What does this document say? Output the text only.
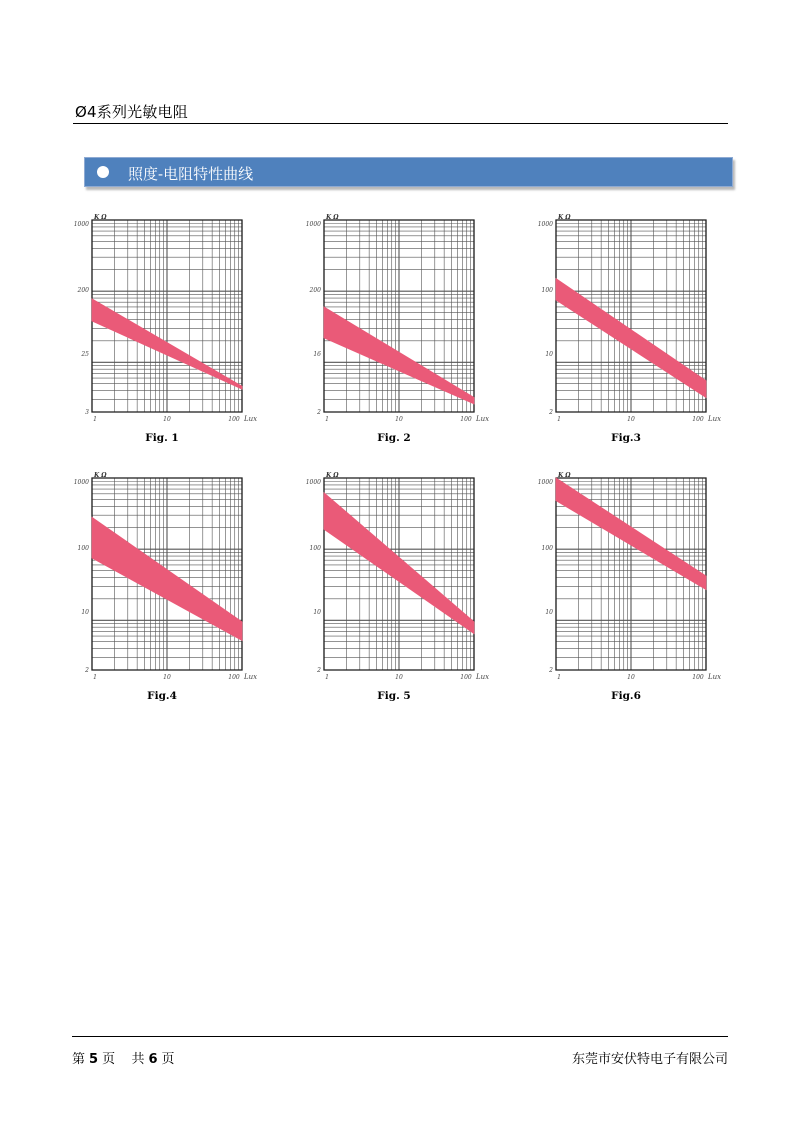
Ø4系列光敏电阻
照度-电阻特性曲线
K Ω
1000
200
25
3
1	10	100 Lux
Fig. 1
K Ω
1000
200
16
2
1	10	100 Lux
Fig. 2
K Ω
1000
100
10
2
1	10	100 Lux
Fig.3
K Ω
1000
100
10
2
1	10	100 Lux
Fig.4
K Ω
1000
100
10
2
1	10	100 Lux
Fig. 5
K Ω
1000
100
10
2
1	10	100 Lux
Fig.6
第 5 页 共 6 页	东莞市安伏特电子有限公司
